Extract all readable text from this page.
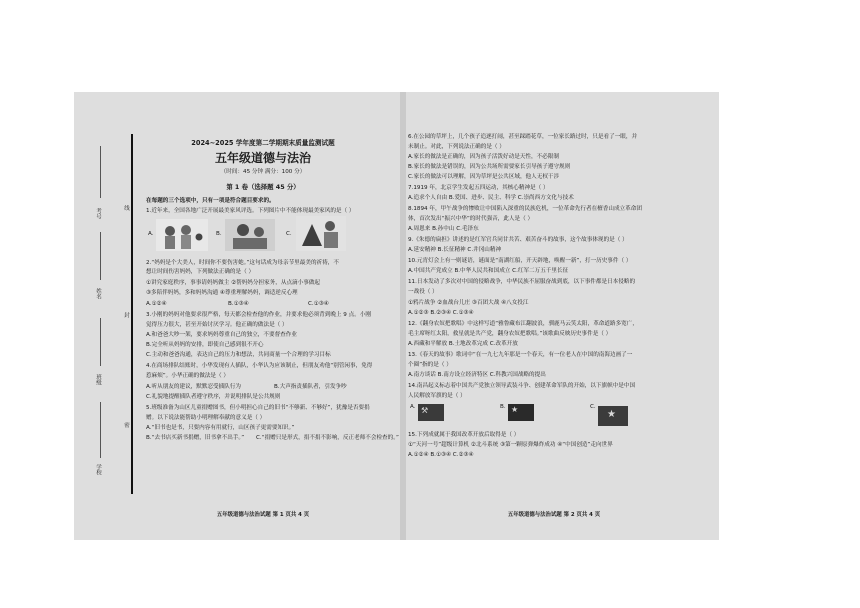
考号
线
姓名
封
班级
密
学校
2024~2025 学年度第二学期期末质量监测试题
五年级道德与法治
（时间：45 分钟 满分：100 分）
第 1 卷（选择题 45 分）
在每题的三个选项中，只有一项是符合题目要求的。
1.近年来，全国各地广泛开展最美家风评选。下列图片中不能体现最美家风的是（ ）
A.	B.	C.
2.“妈妈是个大美人，时间你不要伤害她。”这句话成为母亲节里最美的祈祷，不
想让时间伤害妈妈，下列做法正确的是（ ）
①讲究家庭秩序，事事请妈妈做主 ②帮妈妈分担家务，从点滴小事做起
③多陪伴妈妈，多和妈妈沟通 ④尊重理解妈妈，调适逆反心理
A.①②④	B.①③④	C.①③④
3.小刚的妈妈对他要求很严格，每天都会检查他的作业，并要求他必须背到晚上 9 点。小刚
觉得压力很大，甚至开始讨厌学习。他正确的做法是（ ）
A.和爸爸大吵一架，要求妈妈尊重自己的独立，不要督查作业
B.完全听从妈妈的安排，即使自己感到很不开心
C.主动和爸爸沟通，表达自己的压力和想法，共同商量一个合理的学习目标
4.在商场排队结账时，小华发现有人插队，小华认为应该制止，但朋友劝他“别管闲事，免得
惹麻烦”。小华正确的做法是（ ）
A.听从朋友的建议，默默忍受插队行为	B.大声指责插队者，引发争吵
C.礼貌地提醒插队者遵守秩序，并说明排队是公共规则
5.班级准备为山区儿童捐赠图书，但小明担心自己的旧书“不够新、不够好”，犹豫是否要捐
赠。以下说法能帮助小明理解奉献的意义是（ ）
A.“旧书也是书，只要内容有用就行，山区孩子更需要知识。”
B.“去书店买新书捐赠，旧书拿不出手。” C.“捐赠只是形式，捐不捐不影响，反正老师不会检查的。”
五年级道德与法治试题 第 1 页共 4 页
6.在公园的草坪上，几个孩子追逐打闹，甚至踩踏花草，一位家长路过时，只是看了一眼，并
未制止。对此，下列说法正确的是（ ）
A.家长的做法是正确的，因为孩子活泼好动是天性，不必限制
B.家长的做法是错误的，因为公共场所需要家长引导孩子遵守规则
C.家长的做法可以理解，因为草坪是公共区域，他人无权干涉
7.1919 年，北京学生发起五四运动，其核心精神是（ ）
A.追求个人自由 B.爱国、进步、民主、科学 C.崇尚西方文化与技术
8.1894 年，甲午战争的惨败让中国陷入深重的民族危机，一位革命先行者在檀香山成立革命团
体，首次发出“振兴中华”的时代强音，此人是（ ）
A.周恩来 B.孙中山 C.毛泽东
9.《朱德的扁担》讲述的是红军官兵同甘共苦、艰苦奋斗的故事，这个故事体现的是（ ）
A.延安精神 B.长征精神 C.井冈山精神
10.元宵灯会上有一则谜语，谜面是“南湖红船，开天辟地，唤醒一新”，打一历史事件（ ）
A.中国共产党成立 B.中华人民共和国成立 C.红军二万五千里长征
11.日本发动了多次对中国的侵略战争，中华民族不屈服奋战到底，以下事件都是日本侵略的
一战役（ ）
①鸦片战争 ②血战台儿庄 ③百团大战 ④八女投江
A.①②③ B.②③④ C.①③④
12.《翻身农奴把歌唱》中这样写道“雅鲁藏布江翻波浪，驯鹿马云笑太阳，革命道路多宽广，
毛主席呀红太阳，救星就是共产党，翻身农奴把歌唱。”该歌曲反映历史事件是（ ）
A.西藏和平解放 B.土地改革完成 C.改革开放
13.《春天的故事》歌词中“在一九七九年那是一个春天，有一位老人在中国的南海边画了一
个圈”指的是（ ）
A.南方谈话 B.南方设立经济特区 C.科教兴国战略的提出
14.南昌起义标志着中国共产党独立领导武装斗争、创建革命军队的开始，以下旗帜中是中国
人民解放军旗的是（ ）
A. ⚒	B. ★	C.
★
15.下列成就属于我国改革开放后取得是（ ）
①“天河一号”超级计算机 ②北斗系统 ③第一颗原弹爆炸成功 ④“中国创造”走向世界
A.①②④ B.①③④ C.②③④
五年级道德与法治试题 第 2 页共 4 页
